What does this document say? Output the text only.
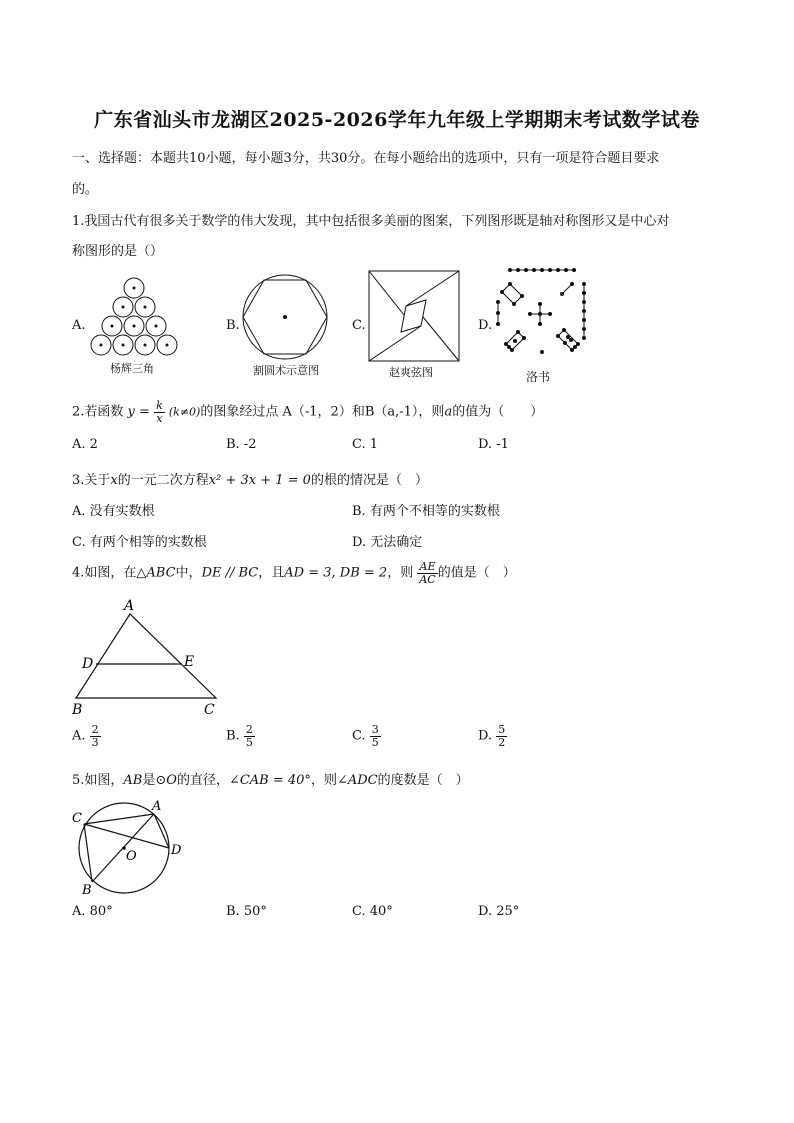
广东省汕头市龙湖区2025-2026学年九年级上学期期末考试数学试卷
一、选择题：本题共10小题，每小题3分，共30分。在每小题给出的选项中，只有一项是符合题目要求
的。
1.我国古代有很多关于数学的伟大发现，其中包括很多美丽的图案，下列图形既是轴对称图形又是中心对
称图形的是（）
A.	B.	C.	D.
杨辉三角	割圆术示意图	赵爽弦图	洛书
2.若函数 $y = \frac{k}{x} (k\ne 0)$的图象经过点 A（-1，2）和B（a,-1），则a的值为（　　）
A. 2	B. -2	C. 1	D. -1
3.关于x的一元二次方程x² + 3x + 1 = 0的根的情况是（　）
A. 没有实数根	B. 有两个不相等的实数根
C. 有两个相等的实数根	D. 无法确定
4.如图，在△ABC中，DE // BC，且AD = 3, DB = 2，则 $\frac{AE}{AC}$ 的值是（　）
A
D	E
B	C
A. $\frac{2}{3}$	B. $\frac{2}{5}$	C. $\frac{3}{5}$	D. $\frac{5}{2}$
5.如图，AB是⊙O的直径，∠CAB = 40°，则∠ADC的度数是（　）
A
C
O	D
B
A. 80°	B. 50°	C. 40°	D. 25°
